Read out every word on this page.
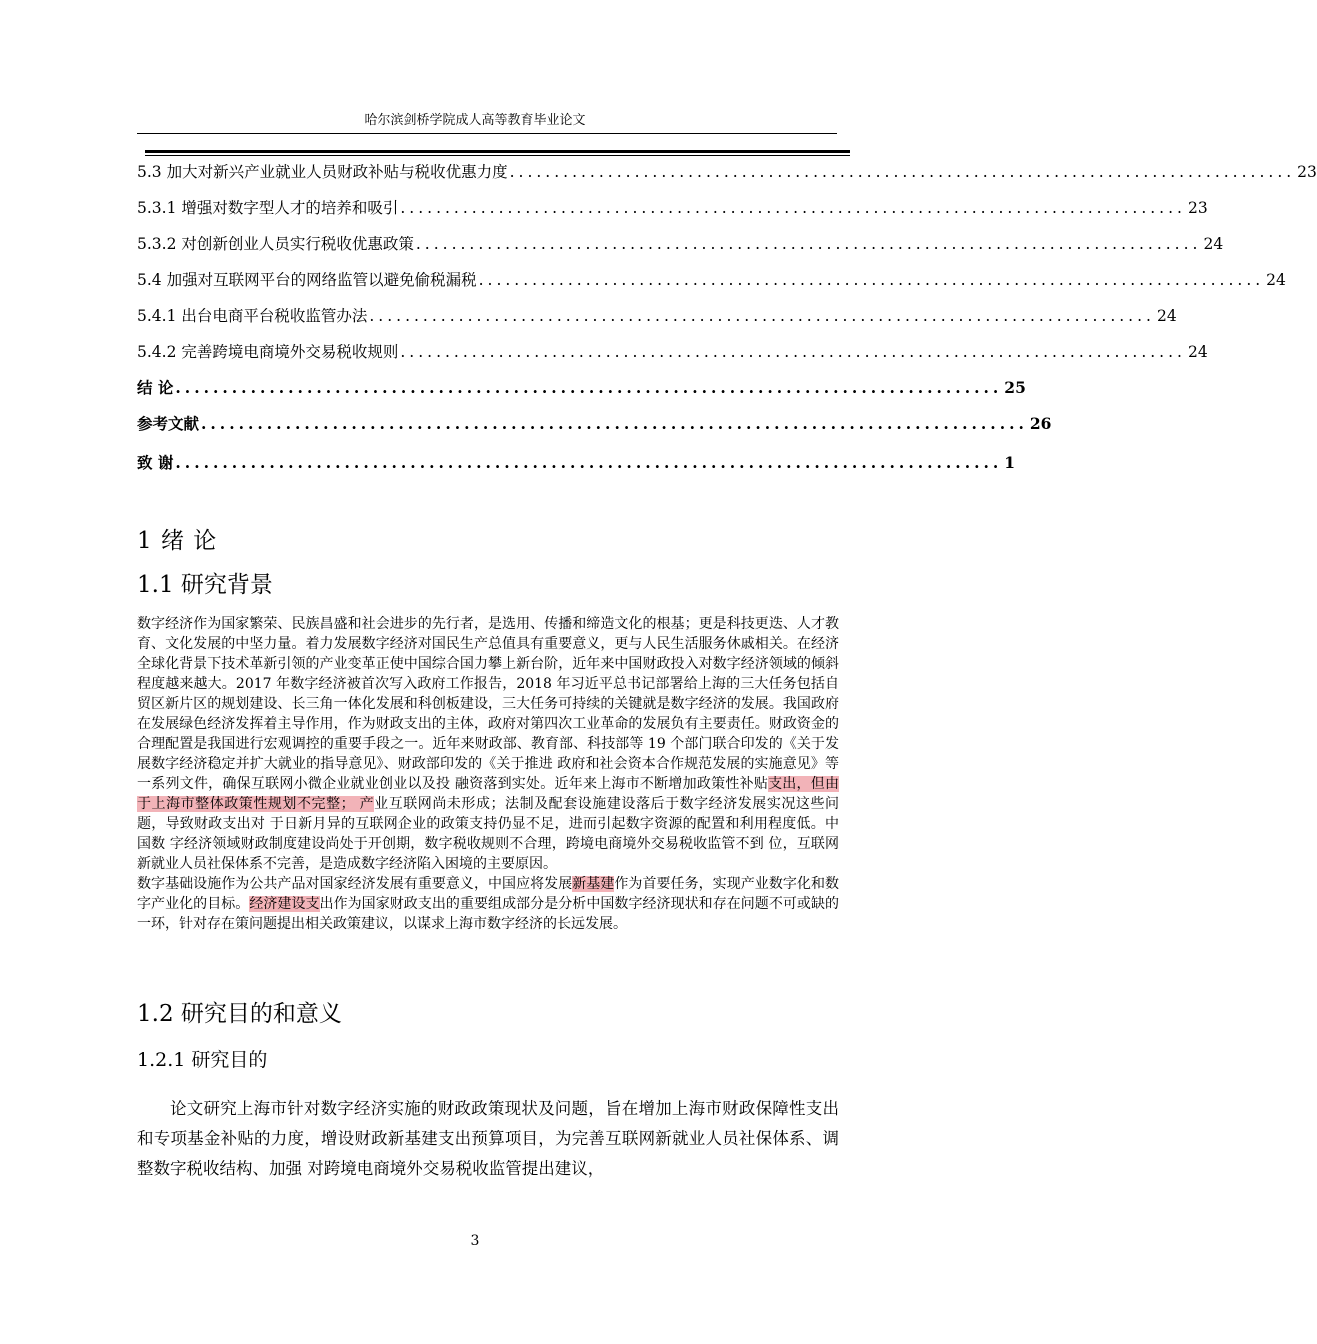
哈尔滨剑桥学院成人高等教育毕业论文
5.3 加大对新兴产业就业人员财政补贴与税收优惠力度 ........................................................................................ 23
5.3.1 增强对数字型人才的培养和吸引 ........................................................................................ 23
5.3.2 对创新创业人员实行税收优惠政策 ........................................................................................ 24
5.4 加强对互联网平台的网络监管以避免偷税漏税 ........................................................................................ 24
5.4.1 出台电商平台税收监管办法 ........................................................................................ 24
5.4.2 完善跨境电商境外交易税收规则 ........................................................................................ 24
结 论 ........................................................................................ 25
参考文献 ........................................................................................ 26
致 谢 ........................................................................................ 1
1 绪 论
1.1 研究背景

数字经济作为国家繁荣、民族昌盛和社会进步的先行者，是选用、传播和缔造文化的根基；更是科技更迭、人才教育、文化发展的中坚力量。着力发展数字经济对国民生产总值具有重要意义，更与人民生活服务休戚相关。在经济全球化背景下技术革新引领的产业变革正使中国综合国力攀上新台阶，近年来中国财政投入对数字经济领域的倾斜程度越来越大。2017 年数字经济被首次写入政府工作报告，2018 年习近平总书记部署给上海的三大任务包括自贸区新片区的规划建设、长三角一体化发展和科创板建设，三大任务可持续的关键就是数字经济的发展。我国政府在发展绿色经济发挥着主导作用，作为财政支出的主体，政府对第四次工业革命的发展负有主要责任。财政资金的合理配置是我国进行宏观调控的重要手段之一。近年来财政部、教育部、科技部等 19 个部门联合印发的《关于发展数字经济稳定并扩大就业的指导意见》、财政部印发的《关于推进 政府和社会资本合作规范发展的实施意见》等一系列文件，确保互联网小微企业就业创业以及投 融资落到实处。近年来上海市不断增加政策性补贴支出，但由于上海市整体政策性规划不完整； 产业互联网尚未形成；法制及配套设施建设落后于数字经济发展实况这些问题，导致财政支出对 于日新月异的互联网企业的政策支持仍显不足，进而引起数字资源的配置和利用程度低。中国数 字经济领域财政制度建设尚处于开创期，数字税收规则不合理，跨境电商境外交易税收监管不到 位，互联网新就业人员社保体系不完善，是造成数字经济陷入困境的主要原因。

数字基础设施作为公共产品对国家经济发展有重要意义，中国应将发展新基建作为首要任务，实现产业数字化和数字产业化的目标。经济建设支出作为国家财政支出的重要组成部分是分析中国数字经济现状和存在问题不可或缺的一环，针对存在策问题提出相关政策建议，以谋求上海市数字经济的长远发展。

1.2 研究目的和意义
1.2.1 研究目的
论文研究上海市针对数字经济实施的财政政策现状及问题，旨在增加上海市财政保障性支出和专项基金补贴的力度，增设财政新基建支出预算项目，为完善互联网新就业人员社保体系、调整数字税收结构、加强 对跨境电商境外交易税收监管提出建议，
3
